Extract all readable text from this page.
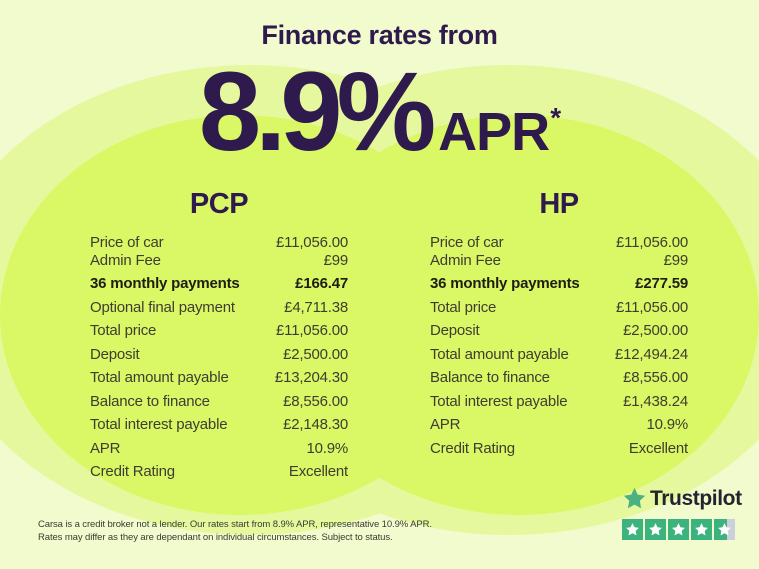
Finance rates from
8.9% APR*
PCP
Price of car	£11,056.00
Admin Fee	£99
36 monthly payments	£166.47
Optional final payment	£4,711.38
Total price	£11,056.00
Deposit	£2,500.00
Total amount payable	£13,204.30
Balance to finance	£8,556.00
Total interest payable	£2,148.30
APR	10.9%
Credit Rating	Excellent
HP
Price of car	£11,056.00
Admin Fee	£99
36 monthly payments	£277.59
Total price	£11,056.00
Deposit	£2,500.00
Total amount payable	£12,494.24
Balance to finance	£8,556.00
Total interest payable	£1,438.24
APR	10.9%
Credit Rating	Excellent
Carsa is a credit broker not a lender. Our rates start from 8.9% APR, representative 10.9% APR.
Rates may differ as they are dependant on individual circumstances. Subject to status.
Trustpilot
